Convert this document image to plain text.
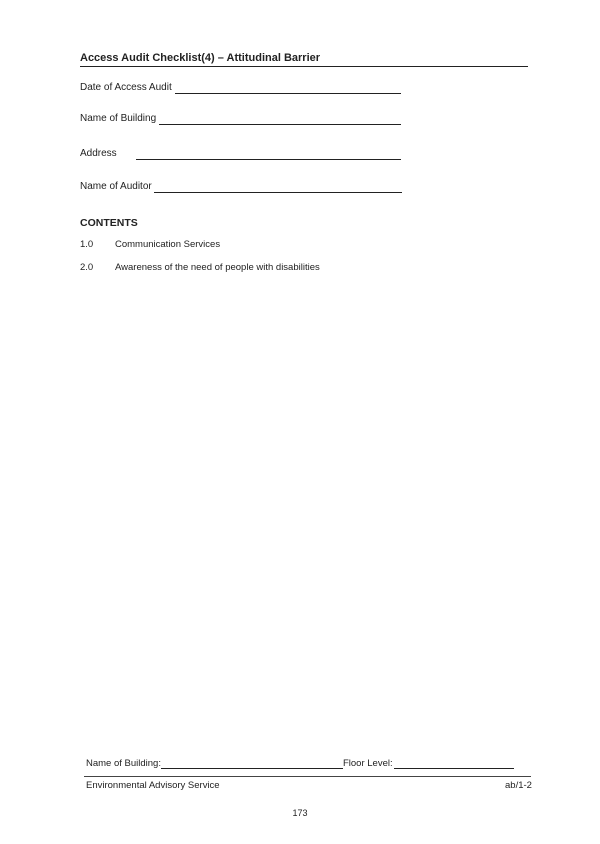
Access Audit Checklist(4) – Attitudinal Barrier
Date of Access Audit
Name of Building
Address
Name of Auditor
CONTENTS
1.0	Communication Services
2.0	Awareness of the need of people with disabilities
Name of Building:	Floor Level:
Environmental Advisory Service	ab/1-2
173
